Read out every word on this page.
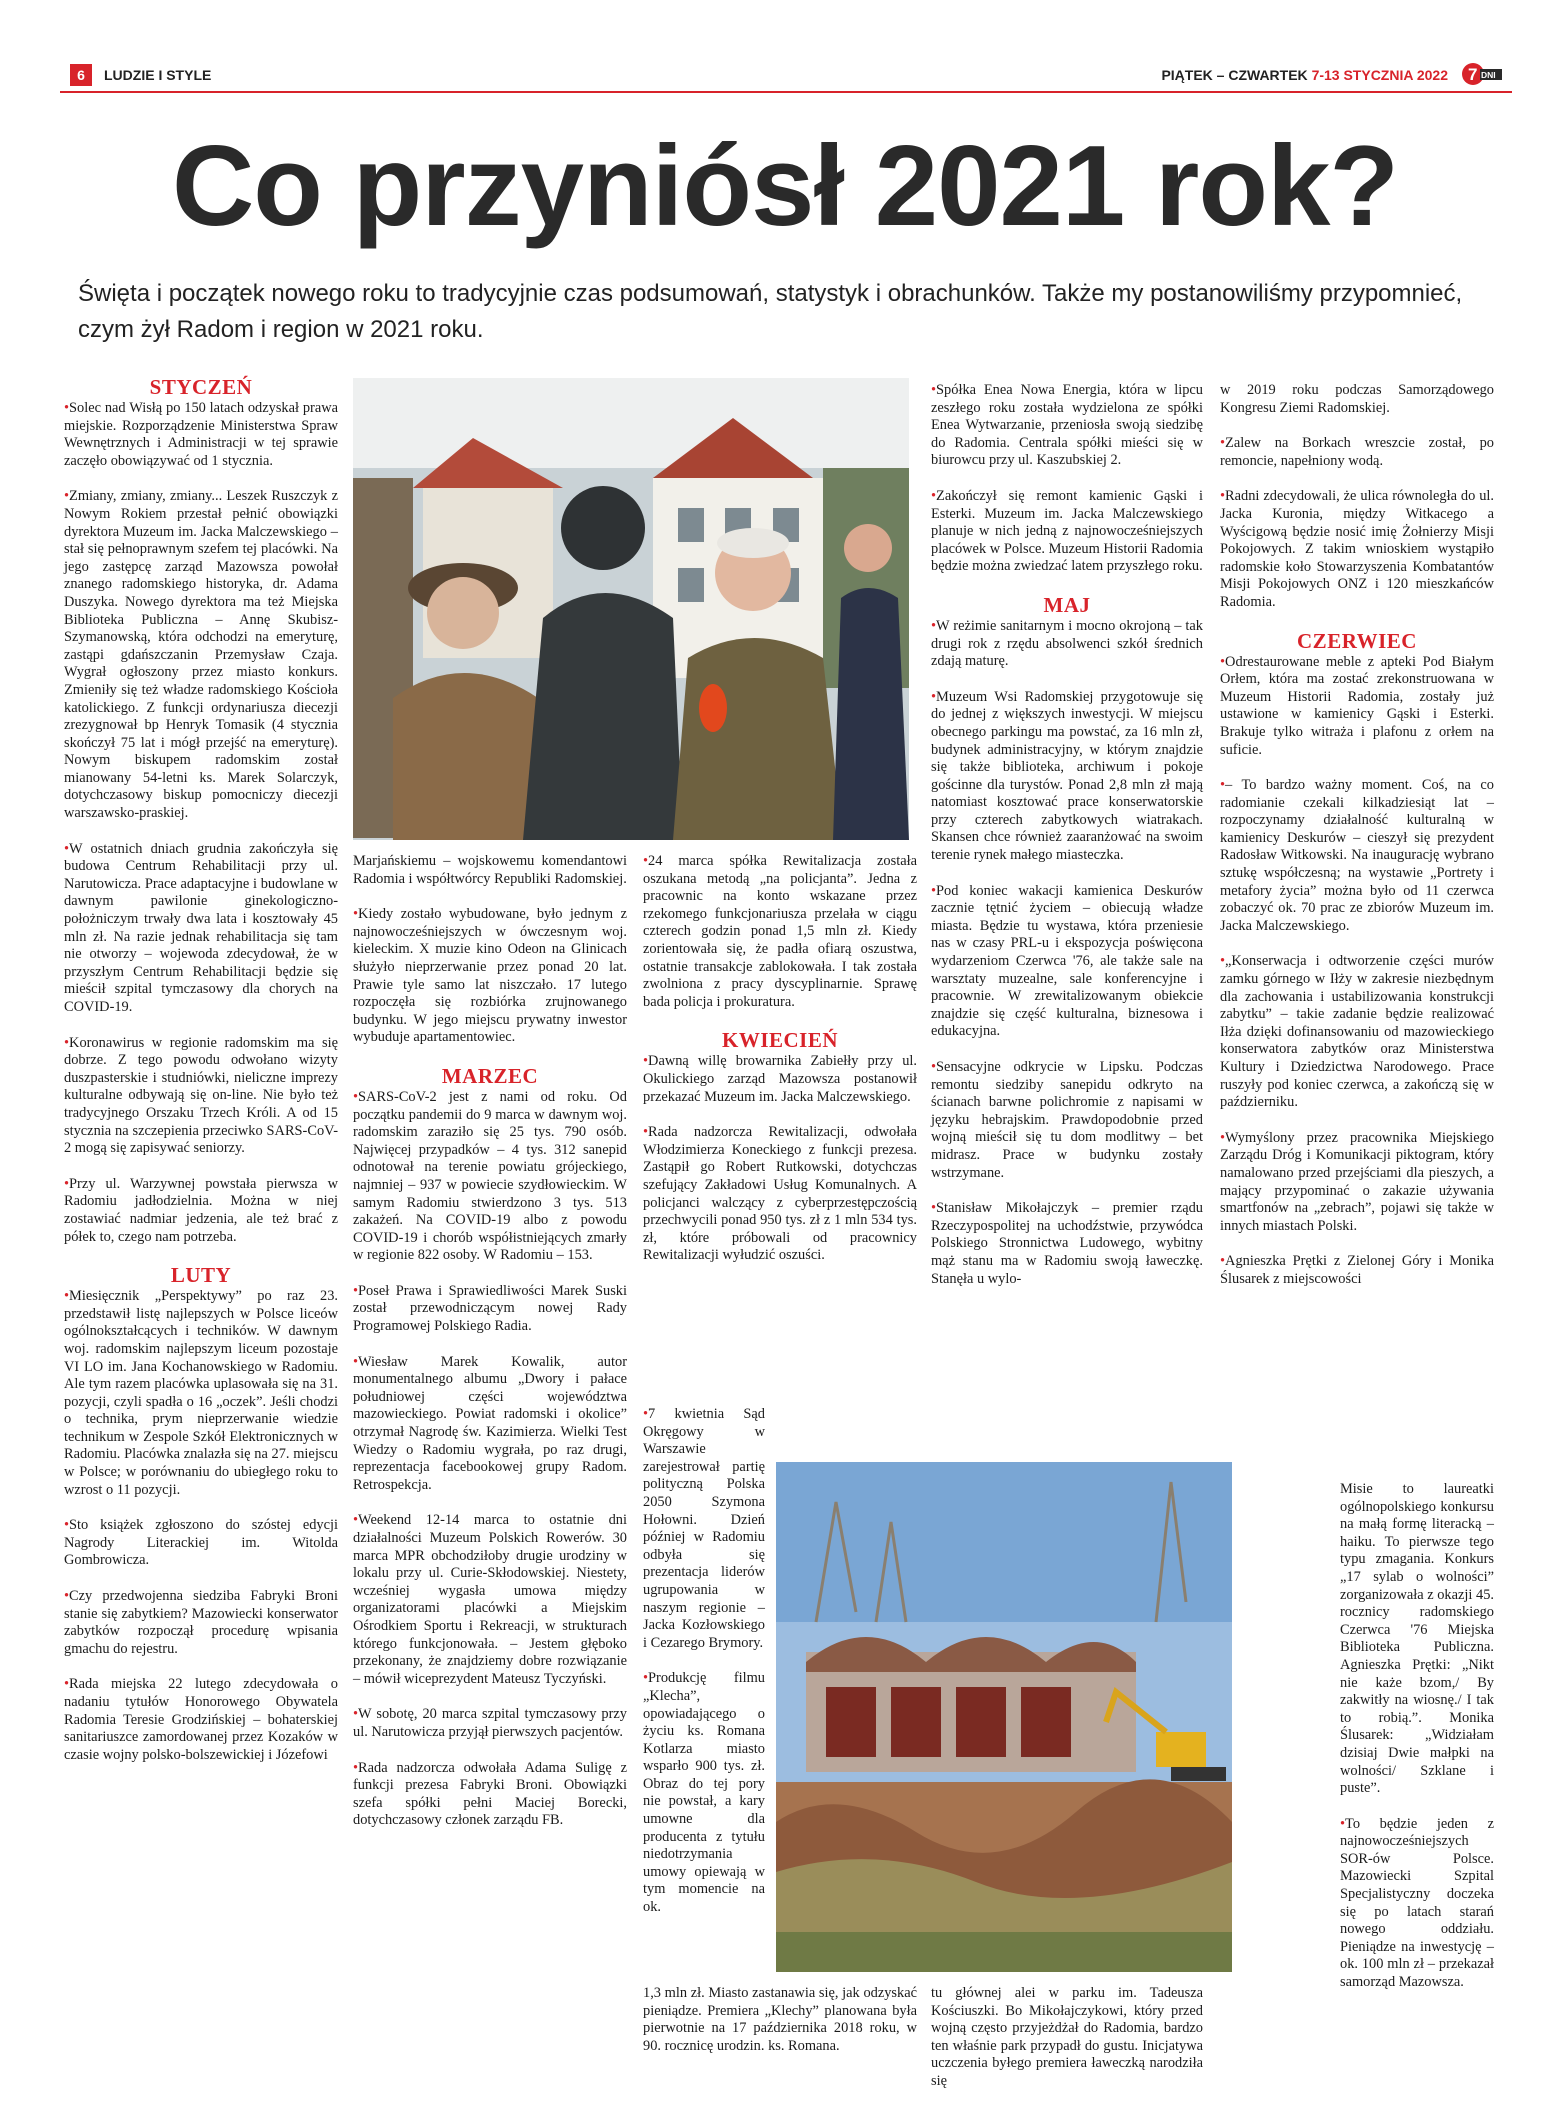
6	LUDZIE I STYLE	PIĄTEK – CZWARTEK 7-13 STYCZNIA 2022 7 DNI
Co przyniósł 2021 rok?
Święta i początek nowego roku to tradycyjnie czas podsumowań, statystyk i obrachunków. Także my postanowiliśmy przypomnieć, czym żył Radom i region w 2021 roku.
STYCZEŃ

•Solec nad Wisłą po 150 latach odzyskał prawa miejskie. Rozporządzenie Ministerstwa Spraw Wewnętrznych i Administracji w tej sprawie zaczęło obowiązywać od 1 stycznia.

•Zmiany, zmiany, zmiany... Leszek Ruszczyk z Nowym Rokiem przestał pełnić obowiązki dyrektora Muzeum im. Jacka Malczewskiego – stał się pełnoprawnym szefem tej placówki. Na jego zastępcę zarząd Mazowsza powołał znanego radomskiego historyka, dr. Adama Duszyka. Nowego dyrektora ma też Miejska Biblioteka Publiczna – Annę Skubisz-Szymanowską, która odchodzi na emeryturę, zastąpi gdańszczanin Przemysław Czaja. Wygrał ogłoszony przez miasto konkurs. Zmieniły się też władze radomskiego Kościoła katolickiego. Z funkcji ordynariusza diecezji zrezygnował bp Henryk Tomasik (4 stycznia skończył 75 lat i mógł przejść na emeryturę). Nowym biskupem radomskim został mianowany 54-letni ks. Marek Solarczyk, dotychczasowy biskup pomocniczy diecezji warszawsko-praskiej.

•W ostatnich dniach grudnia zakończyła się budowa Centrum Rehabilitacji przy ul. Narutowicza. Prace adaptacyjne i budowlane w dawnym pawilonie ginekologiczno-położniczym trwały dwa lata i kosztowały 45 mln zł. Na razie jednak rehabilitacja się tam nie otworzy – wojewoda zdecydował, że w przyszłym Centrum Rehabilitacji będzie się mieścił szpital tymczasowy dla chorych na COVID-19.

•Koronawirus w regionie radomskim ma się dobrze. Z tego powodu odwołano wizyty duszpasterskie i studniówki, nieliczne imprezy kulturalne odbywają się on-line. Nie było też tradycyjnego Orszaku Trzech Króli. A od 15 stycznia na szczepienia przeciwko SARS-CoV-2 mogą się zapisywać seniorzy.

•Przy ul. Warzywnej powstała pierwsza w Radomiu jadłodzielnia. Można w niej zostawiać nadmiar jedzenia, ale też brać z półek to, czego nam potrzeba.

LUTY

•Miesięcznik „Perspektywy” po raz 23. przedstawił listę najlepszych w Polsce liceów ogólnokształcących i techników. W dawnym woj. radomskim najlepszym liceum pozostaje VI LO im. Jana Kochanowskiego w Radomiu. Ale tym razem placówka uplasowała się na 31. pozycji, czyli spadła o 16 „oczek”. Jeśli chodzi o technika, prym nieprzerwanie wiedzie technikum w Zespole Szkół Elektronicznych w Radomiu. Placówka znalazła się na 27. miejscu w Polsce; w porównaniu do ubiegłego roku to wzrost o 11 pozycji.

•Sto książek zgłoszono do szóstej edycji Nagrody Literackiej im. Witolda Gombrowicza.

•Czy przedwojenna siedziba Fabryki Broni stanie się zabytkiem? Mazowiecki konserwator zabytków rozpoczął procedurę wpisania gmachu do rejestru.

•Rada miejska 22 lutego zdecydowała o nadaniu tytułów Honorowego Obywatela Radomia Teresie Grodzińskiej – bohaterskiej sanitariuszce zamordowanej przez Kozaków w czasie wojny polsko-bolszewickiej i Józefowi

Marjańskiemu – wojskowemu komendantowi Radomia i współtwórcy Republiki Radomskiej.

•Kiedy zostało wybudowane, było jednym z najnowocześniejszych w ówczesnym woj. kieleckim. X muzie kino Odeon na Glinicach służyło nieprzerwanie przez ponad 20 lat. Prawie tyle samo lat niszczało. 17 lutego rozpoczęła się rozbiórka zrujnowanego budynku. W jego miejscu prywatny inwestor wybuduje apartamentowiec.

MARZEC

•SARS-CoV-2 jest z nami od roku. Od początku pandemii do 9 marca w dawnym woj. radomskim zaraziło się 25 tys. 790 osób. Najwięcej przypadków – 4 tys. 312 sanepid odnotował na terenie powiatu grójeckiego, najmniej – 937 w powiecie szydłowieckim. W samym Radomiu stwierdzono 3 tys. 513 zakażeń. Na COVID-19 albo z powodu COVID-19 i chorób współistniejących zmarły w regionie 822 osoby. W Radomiu – 153.

•Poseł Prawa i Sprawiedliwości Marek Suski został przewodniczącym nowej Rady Programowej Polskiego Radia.

•Wiesław Marek Kowalik, autor monumentalnego albumu „Dwory i pałace południowej części województwa mazowieckiego. Powiat radomski i okolice” otrzymał Nagrodę św. Kazimierza. Wielki Test Wiedzy o Radomiu wygrała, po raz drugi, reprezentacja facebookowej grupy Radom. Retrospekcja.

•Weekend 12-14 marca to ostatnie dni działalności Muzeum Polskich Rowerów. 30 marca MPR obchodziłoby drugie urodziny w lokalu przy ul. Curie-Skłodowskiej. Niestety, wcześniej wygasła umowa między organizatorami placówki a Miejskim Ośrodkiem Sportu i Rekreacji, w strukturach którego funkcjonowała. – Jestem głęboko przekonany, że znajdziemy dobre rozwiązanie – mówił wiceprezydent Mateusz Tyczyński.

•W sobotę, 20 marca szpital tymczasowy przy ul. Narutowicza przyjął pierwszych pacjentów.

•Rada nadzorcza odwołała Adama Suligę z funkcji prezesa Fabryki Broni. Obowiązki szefa spółki pełni Maciej Borecki, dotychczasowy członek zarządu FB.

•24 marca spółka Rewitalizacja została oszukana metodą „na policjanta”. Jedna z pracownic na konto wskazane przez rzekomego funkcjonariusza przelała w ciągu czterech godzin ponad 1,5 mln zł. Kiedy zorientowała się, że padła ofiarą oszustwa, ostatnie transakcje zablokowała. I tak została zwolniona z pracy dyscyplinarnie. Sprawę bada policja i prokuratura.

KWIECIEŃ

•Dawną willę browarnika Zabiełły przy ul. Okulickiego zarząd Mazowsza postanowił przekazać Muzeum im. Jacka Malczewskiego.

•Rada nadzorcza Rewitalizacji, odwołała Włodzimierza Koneckiego z funkcji prezesa. Zastąpił go Robert Rutkowski, dotychczas szefujący Zakładowi Usług Komunalnych. A policjanci walczący z cyberprzestępczością przechwycili ponad 950 tys. zł z 1 mln 534 tys. zł, które próbowali od pracownicy Rewitalizacji wyłudzić oszuści.

•7 kwietnia Sąd Okręgowy w Warszawie zarejestrował partię polityczną Polska 2050 Szymona Hołowni. Dzień później w Radomiu odbyła się prezentacja liderów ugrupowania w naszym regionie – Jacka Kozłowskiego i Cezarego Brymory.

•Produkcję filmu „Klecha”, opowiadającego o życiu ks. Romana Kotlarza miasto wsparło 900 tys. zł. Obraz do tej pory nie powstał, a kary umowne dla producenta z tytułu niedotrzymania umowy opiewają w tym momencie na ok.

1,3 mln zł. Miasto zastanawia się, jak odzyskać pieniądze. Premiera „Klechy” planowana była pierwotnie na 17 października 2018 roku, w 90. rocznicę urodzin. ks. Romana.

•Spółka Enea Nowa Energia, która w lipcu zeszłego roku została wydzielona ze spółki Enea Wytwarzanie, przeniosła swoją siedzibę do Radomia. Centrala spółki mieści się w biurowcu przy ul. Kaszubskiej 2.

•Zakończył się remont kamienic Gąski i Esterki. Muzeum im. Jacka Malczewskiego planuje w nich jedną z najnowocześniejszych placówek w Polsce. Muzeum Historii Radomia będzie można zwiedzać latem przyszłego roku.

MAJ

•W reżimie sanitarnym i mocno okrojoną – tak drugi rok z rzędu absolwenci szkół średnich zdają maturę.

•Muzeum Wsi Radomskiej przygotowuje się do jednej z większych inwestycji. W miejscu obecnego parkingu ma powstać, za 16 mln zł, budynek administracyjny, w którym znajdzie się także biblioteka, archiwum i pokoje gościnne dla turystów. Ponad 2,8 mln zł mają natomiast kosztować prace konserwatorskie przy czterech zabytkowych wiatrakach. Skansen chce również zaaranżować na swoim terenie rynek małego miasteczka.

•Pod koniec wakacji kamienica Deskurów zacznie tętnić życiem – obiecują władze miasta. Będzie tu wystawa, która przeniesie nas w czasy PRL-u i ekspozycja poświęcona wydarzeniom Czerwca '76, ale także sale na warsztaty muzealne, sale konferencyjne i pracownie. W zrewitalizowanym obiekcie znajdzie się część kulturalna, biznesowa i edukacyjna.

•Sensacyjne odkrycie w Lipsku. Podczas remontu siedziby sanepidu odkryto na ścianach barwne polichromie z napisami w języku hebrajskim. Prawdopodobnie przed wojną mieścił się tu dom modlitwy – bet midrasz. Prace w budynku zostały wstrzymane.

•Stanisław Mikołajczyk – premier rządu Rzeczypospolitej na uchodźstwie, przywódca Polskiego Stronnictwa Ludowego, wybitny mąż stanu ma w Radomiu swoją ławeczkę. Stanęła u wylo-

tu głównej alei w parku im. Tadeusza Kościuszki. Bo Mikołajczykowi, który przed wojną często przyjeżdżał do Radomia, bardzo ten właśnie park przypadł do gustu. Inicjatywa uczczenia byłego premiera ławeczką narodziła się

w 2019 roku podczas Samorządowego Kongresu Ziemi Radomskiej.

•Zalew na Borkach wreszcie został, po remoncie, napełniony wodą.

•Radni zdecydowali, że ulica równoległa do ul. Jacka Kuronia, między Witkacego a Wyścigową będzie nosić imię Żołnierzy Misji Pokojowych. Z takim wnioskiem wystąpiło radomskie koło Stowarzyszenia Kombatantów Misji Pokojowych ONZ i 120 mieszkańców Radomia.

CZERWIEC

•Odrestaurowane meble z apteki Pod Białym Orłem, która ma zostać zrekonstruowana w Muzeum Historii Radomia, zostały już ustawione w kamienicy Gąski i Esterki. Brakuje tylko witraża i plafonu z orłem na suficie.

•– To bardzo ważny moment. Coś, na co radomianie czekali kilkadziesiąt lat – rozpoczynamy działalność kulturalną w kamienicy Deskurów – cieszył się prezydent Radosław Witkowski. Na inaugurację wybrano sztukę współczesną; na wystawie „Portrety i metafory życia” można było od 11 czerwca zobaczyć ok. 70 prac ze zbiorów Muzeum im. Jacka Malczewskiego.

•„Konserwacja i odtworzenie części murów zamku górnego w Iłży w zakresie niezbędnym dla zachowania i ustabilizowania konstrukcji zabytku” – takie zadanie będzie realizować Iłża dzięki dofinansowaniu od mazowieckiego konserwatora zabytków oraz Ministerstwa Kultury i Dziedzictwa Narodowego. Prace ruszyły pod koniec czerwca, a zakończą się w październiku.

•Wymyślony przez pracownika Miejskiego Zarządu Dróg i Komunikacji piktogram, który namalowano przed przejściami dla pieszych, a mający przypominać o zakazie używania smartfonów na „zebrach”, pojawi się także w innych miastach Polski.

•Agnieszka Prętki z Zielonej Góry i Monika Ślusarek z miejscowości

Misie to laureatki ogólnopolskiego konkursu na małą formę literacką – haiku. To pierwsze tego typu zmagania. Konkurs „17 sylab o wolności” zorganizowała z okazji 45. rocznicy radomskiego Czerwca '76 Miejska Biblioteka Publiczna. Agnieszka Prętki: „Nikt nie każe bzom,/ By zakwitły na wiosnę./ I tak to robią.”. Monika Ślusarek: „Widziałam dzisiaj Dwie małpki na wolności/ Szklane i puste”.

•To będzie jeden z najnowocześniejszych SOR-ów Polsce. Mazowiecki Szpital Specjalistyczny doczeka się po latach starań nowego oddziału. Pieniądze na inwestycję – ok. 100 mln zł – przekazał samorząd Mazowsza.
